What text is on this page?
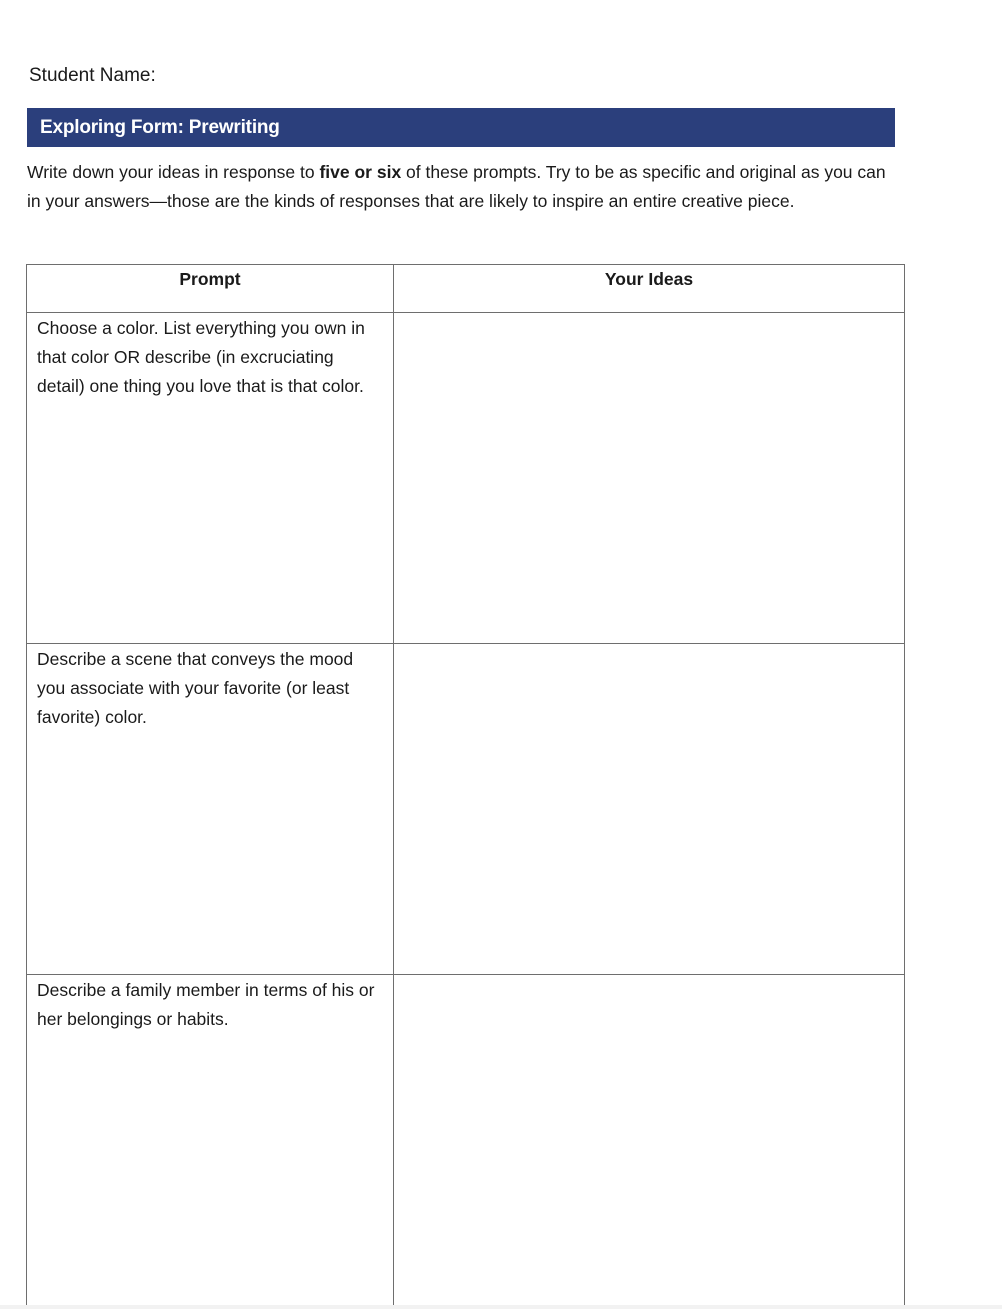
Student Name:
Exploring Form: Prewriting

Write down your ideas in response to five or six of these prompts. Try to be as specific and original as you can in your answers—those are the kinds of responses that are likely to inspire an entire creative piece.

Prompt	Your Ideas
Choose a color. List everything you own in that color OR describe (in excruciating detail) one thing you love that is that color.	
Describe a scene that conveys the mood you associate with your favorite (or least favorite) color.	
Describe a family member in terms of his or her belongings or habits.	
